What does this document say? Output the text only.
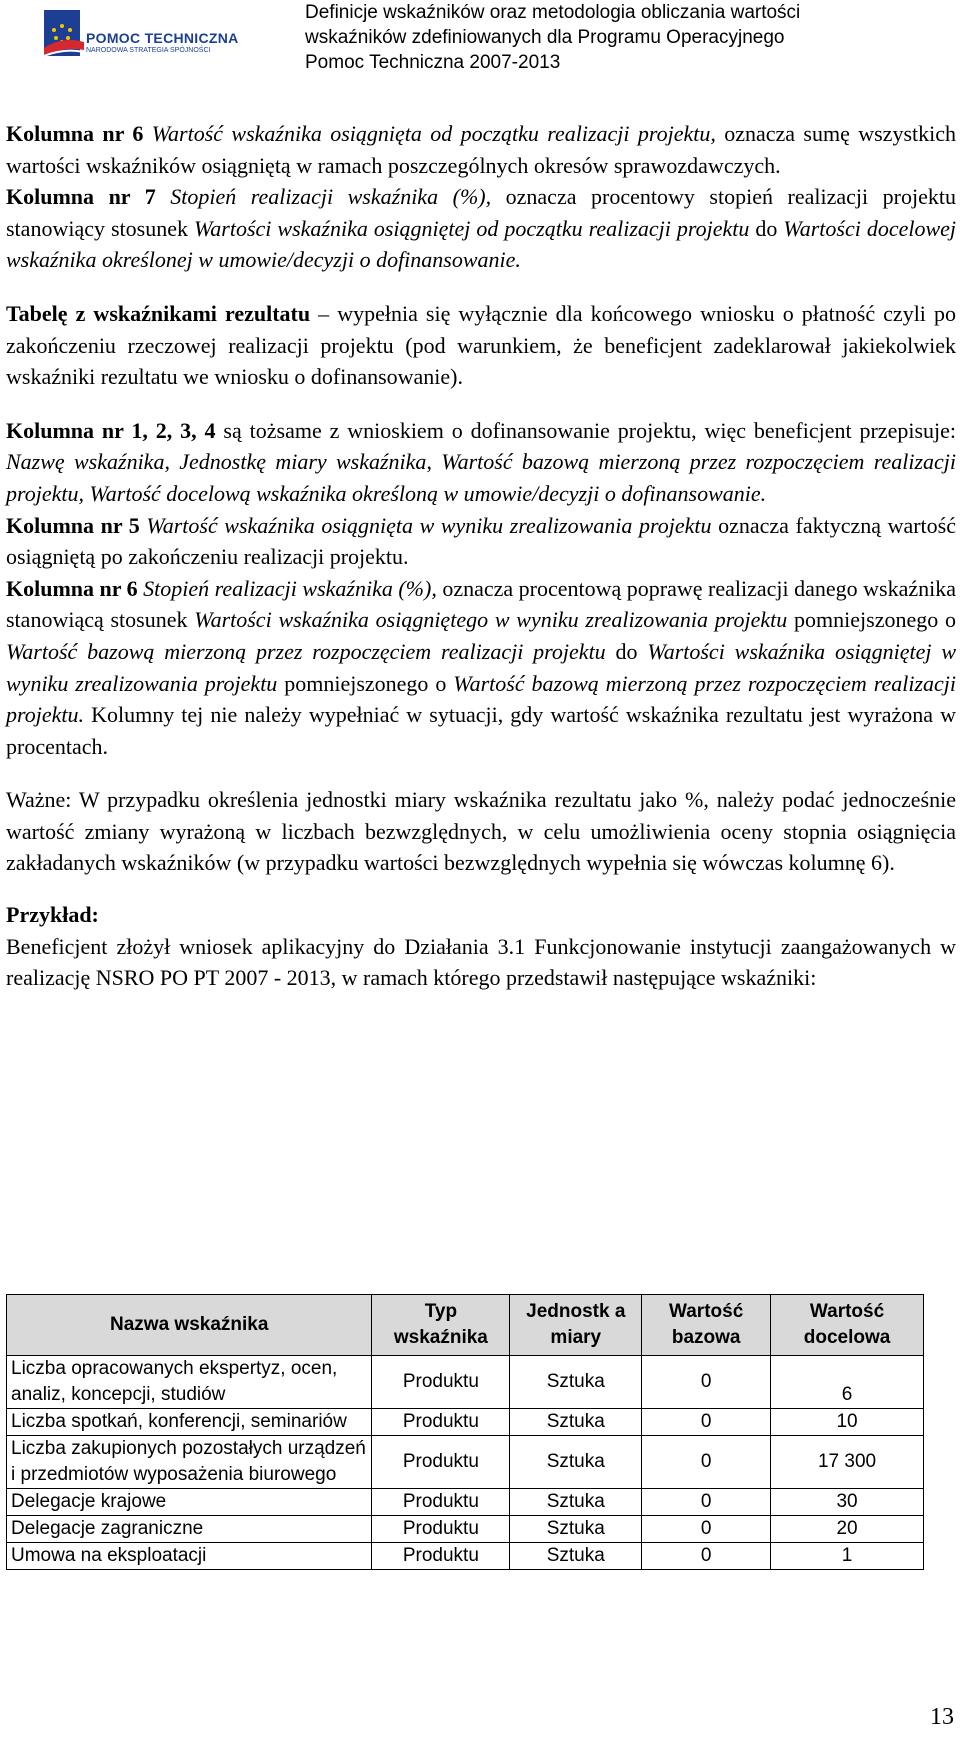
POMOC TECHNICZNA
NARODOWA STRATEGIA SPÓJNOŚCI
Definicje wskaźników oraz metodologia obliczania wartości
wskaźników zdefiniowanych dla Programu Operacyjnego
Pomoc Techniczna 2007-2013

Kolumna nr 6 Wartość wskaźnika osiągnięta od początku realizacji projektu, oznacza sumę wszystkich wartości wskaźników osiągniętą w ramach poszczególnych okresów sprawozdawczych.

Kolumna nr 7 Stopień realizacji wskaźnika (%), oznacza procentowy stopień realizacji projektu stanowiący stosunek Wartości wskaźnika osiągniętej od początku realizacji projektu do Wartości docelowej wskaźnika określonej w umowie/decyzji o dofinansowanie.

Tabelę z wskaźnikami rezultatu – wypełnia się wyłącznie dla końcowego wniosku o płatność czyli po zakończeniu rzeczowej realizacji projektu (pod warunkiem, że beneficjent zadeklarował jakiekolwiek wskaźniki rezultatu we wniosku o dofinansowanie).

Kolumna nr 1, 2, 3, 4 są tożsame z wnioskiem o dofinansowanie projektu, więc beneficjent przepisuje: Nazwę wskaźnika, Jednostkę miary wskaźnika, Wartość bazową mierzoną przez rozpoczęciem realizacji projektu, Wartość docelową wskaźnika określoną w umowie/decyzji o dofinansowanie.

Kolumna nr 5 Wartość wskaźnika osiągnięta w wyniku zrealizowania projektu oznacza faktyczną wartość osiągniętą po zakończeniu realizacji projektu.

Kolumna nr 6 Stopień realizacji wskaźnika (%), oznacza procentową poprawę realizacji danego wskaźnika stanowiącą stosunek Wartości wskaźnika osiągniętego w wyniku zrealizowania projektu pomniejszonego o Wartość bazową mierzoną przez rozpoczęciem realizacji projektu do Wartości wskaźnika osiągniętej w wyniku zrealizowania projektu pomniejszonego o Wartość bazową mierzoną przez rozpoczęciem realizacji projektu. Kolumny tej nie należy wypełniać w sytuacji, gdy wartość wskaźnika rezultatu jest wyrażona w procentach.

Ważne: W przypadku określenia jednostki miary wskaźnika rezultatu jako %, należy podać jednocześnie wartość zmiany wyrażoną w liczbach bezwzględnych, w celu umożliwienia oceny stopnia osiągnięcia zakładanych wskaźników (w przypadku wartości bezwzględnych wypełnia się wówczas kolumnę 6).

Przykład:

Beneficjent złożył wniosek aplikacyjny do Działania 3.1 Funkcjonowanie instytucji zaangażowanych w realizację NSRO PO PT 2007 - 2013, w ramach którego przedstawił następujące wskaźniki:

Nazwa wskaźnika	Typ wskaźnika	Jednostk a miary	Wartość bazowa	Wartość docelowa
Liczba opracowanych ekspertyz, ocen, analiz, koncepcji, studiów	Produktu	Sztuka	0	6
Liczba spotkań, konferencji, seminariów	Produktu	Sztuka	0	10
Liczba zakupionych pozostałych urządzeń i przedmiotów wyposażenia biurowego	Produktu	Sztuka	0	17 300
Delegacje krajowe	Produktu	Sztuka	0	30
Delegacje zagraniczne	Produktu	Sztuka	0	20
Umowa na eksploatacji	Produktu	Sztuka	0	1
13
